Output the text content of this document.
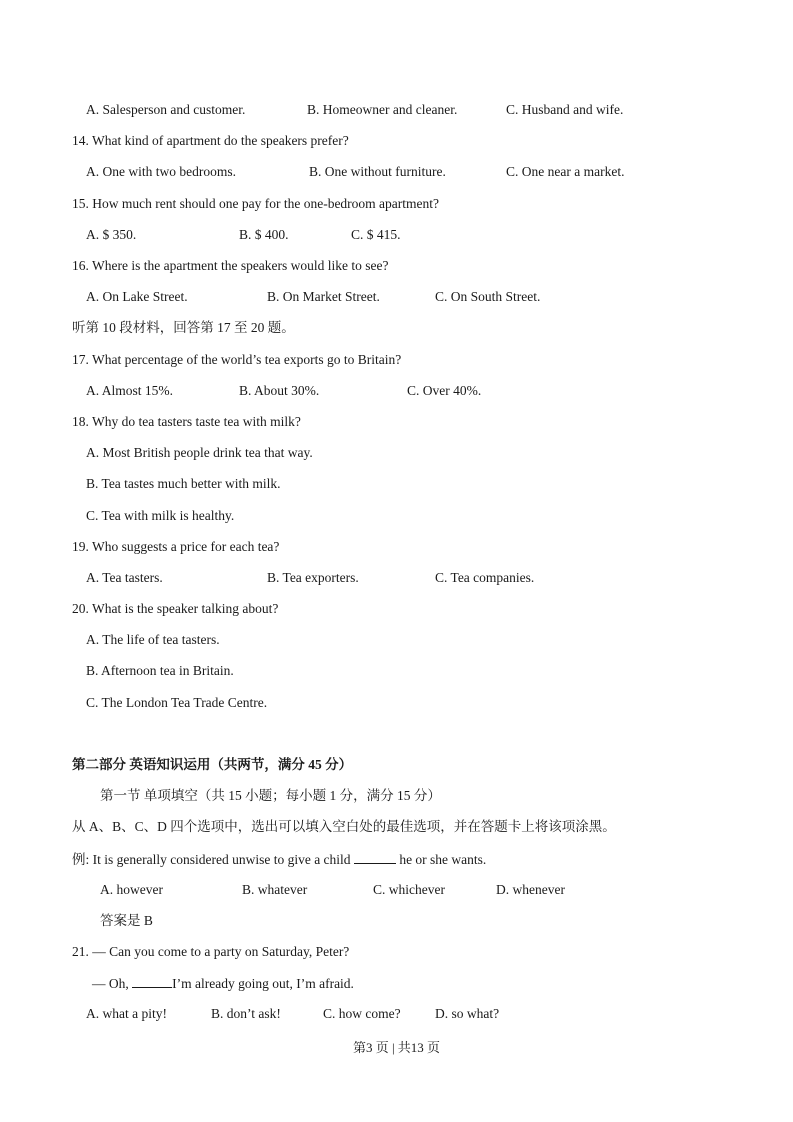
A. Salesperson and customer.	B. Homeowner and cleaner.	C. Husband and wife.
14. What kind of apartment do the speakers prefer?
A. One with two bedrooms.	B. One without furniture.	C. One near a market.
15. How much rent should one pay for the one-bedroom apartment?
A. $ 350.	B. $ 400.	C. $ 415.
16. Where is the apartment the speakers would like to see?
A. On Lake Street.	B. On Market Street.	C. On South Street.
听第 10 段材料，回答第 17 至 20 题。
17. What percentage of the world’s tea exports go to Britain?
A. Almost 15%.	B. About 30%.	C. Over 40%.
18. Why do tea tasters taste tea with milk?
A. Most British people drink tea that way.
B. Tea tastes much better with milk.
C. Tea with milk is healthy.
19. Who suggests a price for each tea?
A. Tea tasters.	B. Tea exporters.	C. Tea companies.
20. What is the speaker talking about?
A. The life of tea tasters.
B. Afternoon tea in Britain.
C. The London Tea Trade Centre.
第二部分 英语知识运用（共两节，满分 45 分）
第一节 单项填空（共 15 小题；每小题 1 分，满分 15 分）
从 A、B、C、D 四个选项中，选出可以填入空白处的最佳选项，并在答题卡上将该项涂黑。
例: It is generally considered unwise to give a child	he or she wants.
A. however	B. whatever	C. whichever	D. whenever
答案是 B
21. — Can you come to a party on Saturday, Peter?
— Oh,	I’m already going out, I’m afraid.
A. what a pity!	B. don’t ask!	C. how come?	D. so what?
第3 页 | 共13 页
